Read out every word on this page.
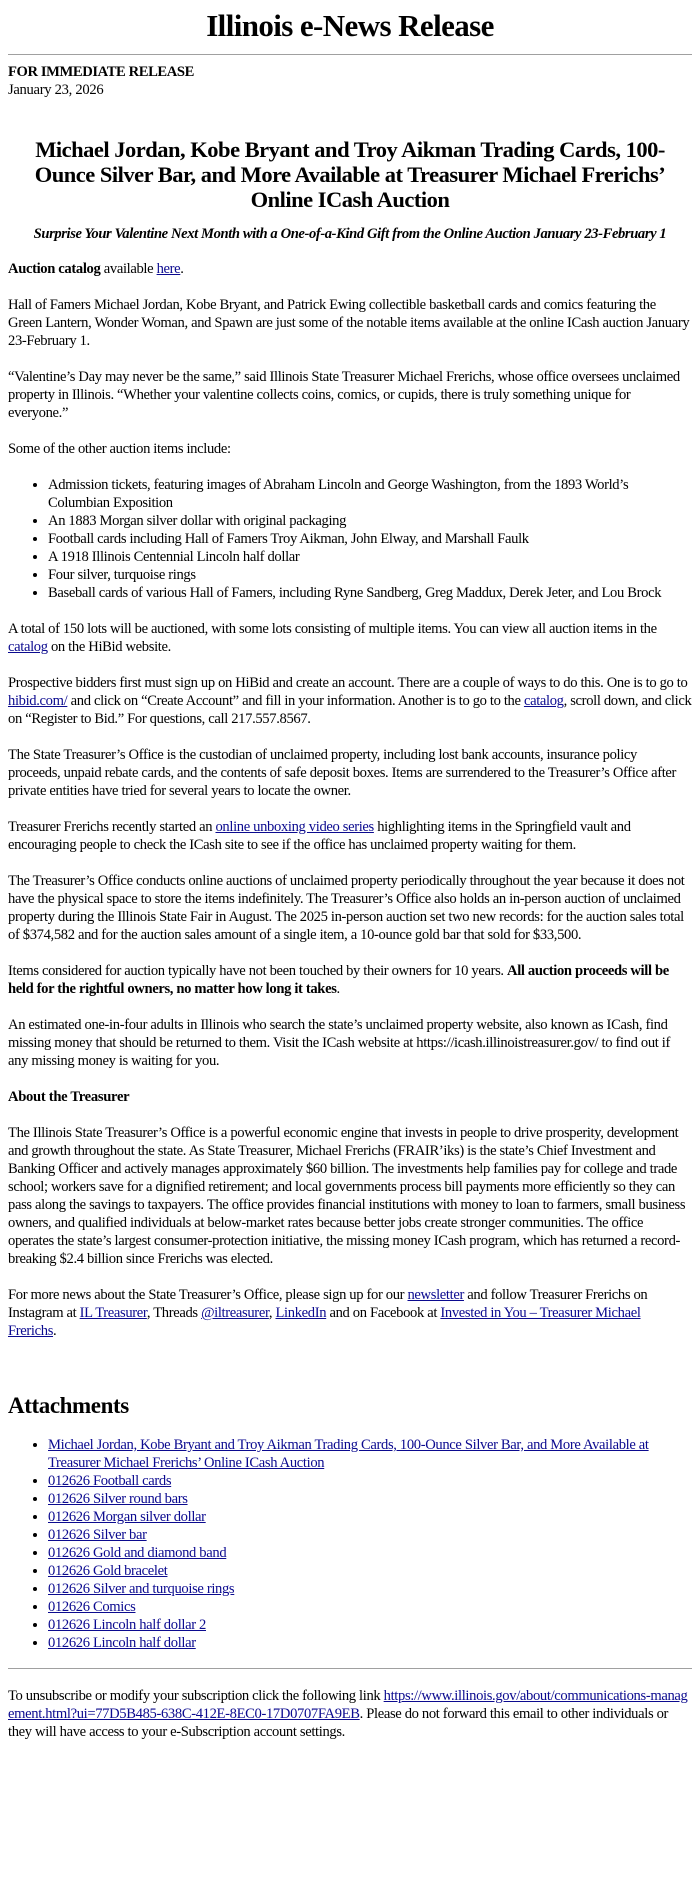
Illinois e-News Release
FOR IMMEDIATE RELEASE
January 23, 2026
Michael Jordan, Kobe Bryant and Troy Aikman Trading Cards, 100-Ounce Silver Bar, and More Available at Treasurer Michael Frerichs’ Online ICash Auction
Surprise Your Valentine Next Month with a One-of-a-Kind Gift from the Online Auction January 23-February 1

Auction catalog available here.

Hall of Famers Michael Jordan, Kobe Bryant, and Patrick Ewing collectible basketball cards and comics featuring the Green Lantern, Wonder Woman, and Spawn are just some of the notable items available at the online ICash auction January 23-February 1.

“Valentine’s Day may never be the same,” said Illinois State Treasurer Michael Frerichs, whose office oversees unclaimed property in Illinois. “Whether your valentine collects coins, comics, or cupids, there is truly something unique for everyone.”

Some of the other auction items include:

• Admission tickets, featuring images of Abraham Lincoln and George Washington, from the 1893 World’s Columbian Exposition
• An 1883 Morgan silver dollar with original packaging
• Football cards including Hall of Famers Troy Aikman, John Elway, and Marshall Faulk
• A 1918 Illinois Centennial Lincoln half dollar
• Four silver, turquoise rings
• Baseball cards of various Hall of Famers, including Ryne Sandberg, Greg Maddux, Derek Jeter, and Lou Brock

A total of 150 lots will be auctioned, with some lots consisting of multiple items. You can view all auction items in the catalog on the HiBid website.

Prospective bidders first must sign up on HiBid and create an account. There are a couple of ways to do this. One is to go to hibid.com/ and click on “Create Account” and fill in your information. Another is to go to the catalog, scroll down, and click on “Register to Bid.” For questions, call 217.557.8567.

The State Treasurer’s Office is the custodian of unclaimed property, including lost bank accounts, insurance policy proceeds, unpaid rebate cards, and the contents of safe deposit boxes. Items are surrendered to the Treasurer’s Office after private entities have tried for several years to locate the owner.

Treasurer Frerichs recently started an online unboxing video series highlighting items in the Springfield vault and encouraging people to check the ICash site to see if the office has unclaimed property waiting for them.

The Treasurer’s Office conducts online auctions of unclaimed property periodically throughout the year because it does not have the physical space to store the items indefinitely. The Treasurer’s Office also holds an in-person auction of unclaimed property during the Illinois State Fair in August. The 2025 in-person auction set two new records: for the auction sales total of $374,582 and for the auction sales amount of a single item, a 10-ounce gold bar that sold for $33,500.

Items considered for auction typically have not been touched by their owners for 10 years. All auction proceeds will be held for the rightful owners, no matter how long it takes.

An estimated one-in-four adults in Illinois who search the state’s unclaimed property website, also known as ICash, find missing money that should be returned to them. Visit the ICash website at https://icash.illinoistreasurer.gov/ to find out if any missing money is waiting for you.

About the Treasurer

The Illinois State Treasurer’s Office is a powerful economic engine that invests in people to drive prosperity, development and growth throughout the state. As State Treasurer, Michael Frerichs (FRAIR’iks) is the state’s Chief Investment and Banking Officer and actively manages approximately $60 billion. The investments help families pay for college and trade school; workers save for a dignified retirement; and local governments process bill payments more efficiently so they can pass along the savings to taxpayers. The office provides financial institutions with money to loan to farmers, small business owners, and qualified individuals at below-market rates because better jobs create stronger communities. The office operates the state’s largest consumer-protection initiative, the missing money ICash program, which has returned a record-breaking $2.4 billion since Frerichs was elected.

For more news about the State Treasurer’s Office, please sign up for our newsletter and follow Treasurer Frerichs on Instagram at IL Treasurer, Threads @iltreasurer, LinkedIn and on Facebook at Invested in You – Treasurer Michael Frerichs.

Attachments
• Michael Jordan, Kobe Bryant and Troy Aikman Trading Cards, 100-Ounce Silver Bar, and More Available at Treasurer Michael Frerichs’ Online ICash Auction
• 012626 Football cards
• 012626 Silver round bars
• 012626 Morgan silver dollar
• 012626 Silver bar
• 012626 Gold and diamond band
• 012626 Gold bracelet
• 012626 Silver and turquoise rings
• 012626 Comics
• 012626 Lincoln half dollar 2
• 012626 Lincoln half dollar
To unsubscribe or modify your subscription click the following link https://www.illinois.gov/about/communications-management.html?ui=77D5B485-638C-412E-8EC0-17D0707FA9EB. Please do not forward this email to other individuals or they will have access to your e-Subscription account settings.
